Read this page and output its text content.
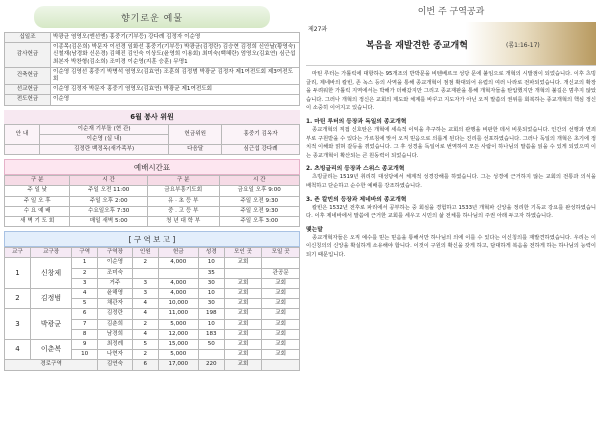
향기로운 예물
십일조	박광균 염영오(엔선엔) 홍중기(기부등) 강다례 김정자 이순영
감사헌금	이종목(김은희) 박문자 이선경 임화선 홍중기(기부등) 박광균(김정란) 김승현 김정희 신안날(황영숙) 신철재(남경화 신은경) 김해진 김인숙 이상도(윤영희 이용회) 최미숙(백혜란) 엄영오(김효연) 심근섭 최본자 박찬형(김소희) 조미경 이순영(지훈 승훈) 무명1
건축헌금	이순영 김영선 홍중기 박병석 염영오(김효연) 조훈희 김정범 박광균 김정자 제1여전도회 제3여전도회
선교헌금	이순영 김정자 박문자 홍중기 염영오(김효연) 박광균 제1여전도회
전도헌금	이순영
6월 봉사 위원
안 내	이순재 기부돌 (현 관)	헌금위원	홍중기 김옥자
	이순영 (실 내)		
	김정란 백정옥(새가족부)	다음달	심근섭 강다례
예배시간표
구 분	시 간	구 분	시 간
주 일 낮	주일 오전 11:00	금요부흥기도회	금요일 오후 9:00
주 일 오 후	주일 오후 2:00	유 · 초 등 부	주일 오전 9:30
수 요 예 배	수요일오후 7:30	중 . 고 등 부	주일 오전 9:30
새 벽 기 도 회	매일 새벽 5:00	청 년 대 학 부	주일 오후 3:00
[ 구 역 보 고 ]
교구	교구장	구역	구역장	인원	헌금	성경	모인 곳	모일 곳
1	신창제	1	이순영	2	4,000	10	교회	
		2	조미숙			35		관공문
		3	거주	3	4,000	30	교회	교회
2	김정범	4	윤해영	3	4,000	10	교회	교회
		5	채관자	4	10,000	30	교회	교회
3	박광균	6	김정란	4	11,000	198	교회	교회
		7	김춘희	2	5,000	10	교회	교회
		8	남경희	4	12,000	183	교회	교회
4	이춘복	9	최정례	5	15,000	50	교회	교회
		10	나현자	2	5,000		교회	교회
경로구역			김연숙	6	17,000	220	교회	
이번 주 구역공과
제27과
복음을 재발견한 종교개혁	(롬1:16-17)

마틴 루터는 가톨릭에 대항하는 95개조의 반박문을 비텐베르크 성당 문에 붙임으로 개혁의 시발점이 되었습니다. 이후 츠빙글리, 제네바의 칼빈, 존 녹스 등의 사역을 통해 종교개혁이 점점 확대되어 유럽의 여러 나라로 전파되었습니다. 개신교의 확장을 두려워한 가톨릭 지역에서는 박해가 더해갔지만 그리고 종교재판을 통해 개혁자들을 탄압했지만 개혁의 불길은 멈추지 않았습니다. 그러나 개혁의 정신은 교회의 제도와 체계를 바꾸고 지도자가 아닌 오직 말씀의 권위를 회복하는 종교개혁의 핵심 정신이 소중히 이어지고 있습니다.

1. 마틴 루터의 등장과 독일의 종교개혁

종교개혁의 직접 신호탄은 개혁에 세속적 이익을 추구하는 교회의 관행을 비판한 데서 비롯되었습니다. 인간의 선행과 면죄부로 구원받을 수 있다는 가르침에 맞서 오직 믿음으로 의롭게 된다는 진리를 선포하였습니다. 그러나 독일의 개혁은 초기에 정치적 이해와 얽혀 갈등을 겪었습니다. 그 후 성경을 독일어로 번역하여 모든 사람이 하나님의 말씀을 읽을 수 있게 되었으며 이는 종교개혁이 확산되는 큰 원동력이 되었습니다.

2. 츠빙글리의 등장과 스위스 종교개혁

츠빙글리는 1519년 취리히 대성당에서 체계적 성경강해를 하였습니다. 그는 성경에 근거하지 않는 교회의 전통과 의식을 배척하고 단순하고 순수한 예배를 강조하였습니다.

3. 존 칼빈의 등장과 제네바의 종교개혁

칼빈은 1532년 전후로 파리에서 공부하는 중 회심을 경험하고 1533년 개혁파 신앙을 정리한 기독교 강요를 완성하였습니다. 이후 제네바에서 말씀에 근거한 교회를 세우고 시민의 삶 전체를 하나님의 주권 아래 두고자 하였습니다.

맺는말

종교개혁자들은 오직 예수를 믿는 믿음을 통해서만 하나님의 의에 이를 수 있다는 이신칭의를 재발견하였습니다. 우리는 이 이신칭의의 신앙을 확실하게 소유해야 합니다. 이것이 구원의 확신을 갖게 하고, 담대하게 복음을 전하게 하는 하나님의 능력이 되기 때문입니다.
